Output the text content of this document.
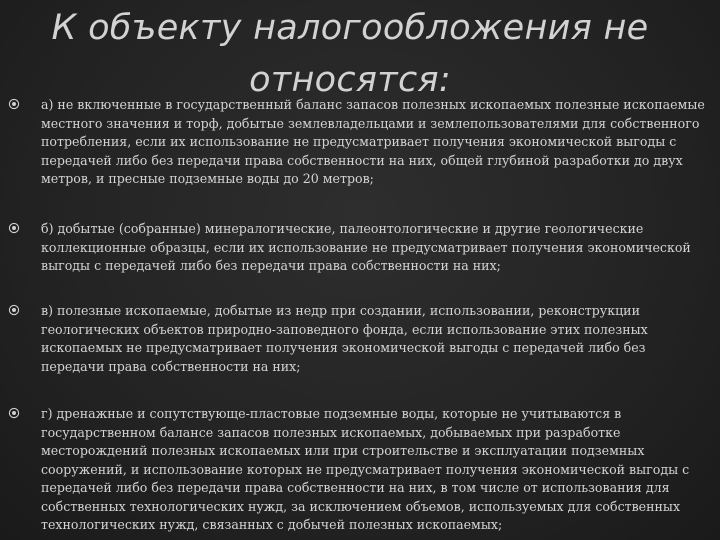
К объекту налогообложения не относятся:
а) не включенные в государственный баланс запасов полезных ископаемых полезные ископаемые местного значения и торф, добытые землевладельцами и землепользователями для собственного потребления, если их использование не предусматривает получения экономической выгоды с передачей либо без передачи права собственности на них, общей глубиной разработки до двух метров, и пресные подземные воды до 20 метров;
б) добытые (собранные) минералогические, палеонтологические и другие геологические коллекционные образцы, если их использование не предусматривает получения экономической выгоды с передачей либо без передачи права собственности на них;
в) полезные ископаемые, добытые из недр при создании, использовании, реконструкции геологических объектов природно-заповедного фонда, если использование этих полезных ископаемых не предусматривает получения экономической выгоды с передачей либо без передачи права собственности на них;
г) дренажные и сопутствующе-пластовые подземные воды, которые не учитываются в государственном балансе запасов полезных ископаемых, добываемых при разработке месторождений полезных ископаемых или при строительстве и эксплуатации подземных сооружений, и использование которых не предусматривает получения экономической выгоды с передачей либо без передачи права собственности на них, в том числе от использования для собственных технологических нужд, за исключением объемов, используемых для собственных технологических нужд, связанных с добычей полезных ископаемых;
